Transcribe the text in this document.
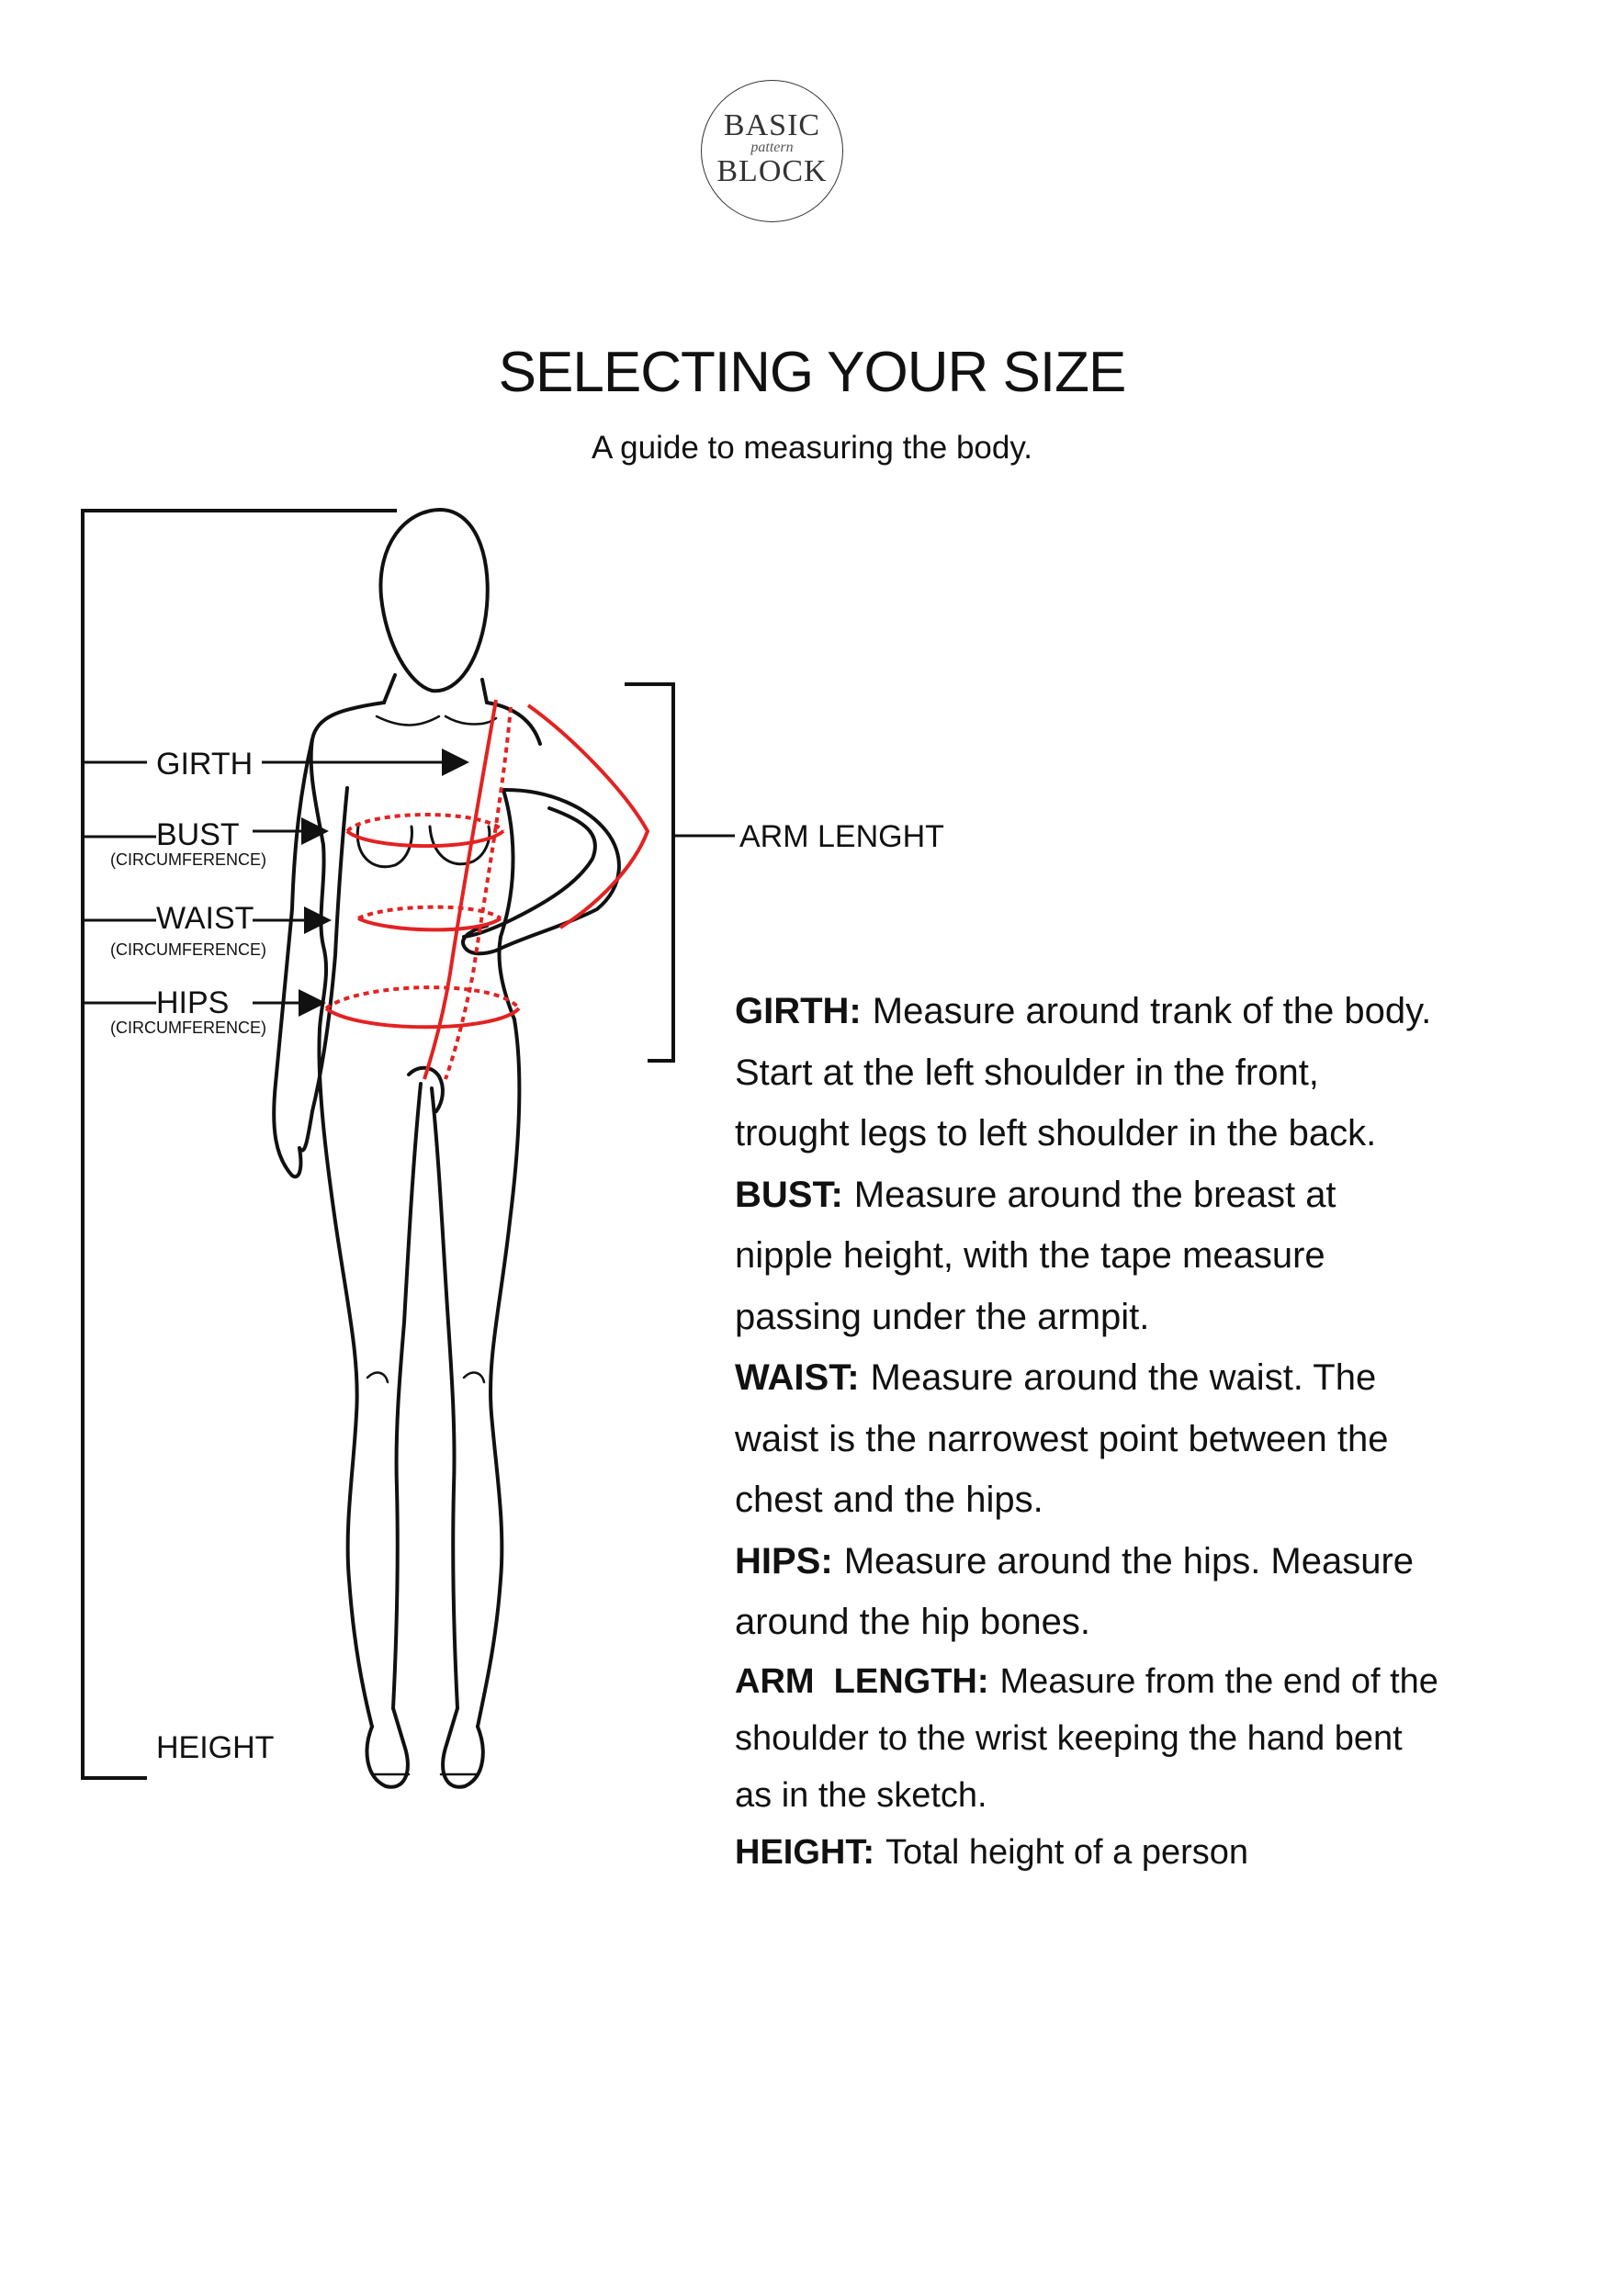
BASIC
pattern
BLOCK
SELECTING YOUR SIZE

A guide to measuring the body.

GIRTH
BUST
(CIRCUMFERENCE)
WAIST
(CIRCUMFERENCE)
HIPS
(CIRCUMFERENCE)
HEIGHT
ARM LENGHT
GIRTH: Measure around trank of the body.
Start at the left shoulder in the front,
trought legs to left shoulder in the back.
BUST: Measure around the breast at
nipple height, with the tape measure
passing under the armpit.
WAIST: Measure around the waist. The
waist is the narrowest point between the
chest and the hips.
HIPS: Measure around the hips. Measure
around the hip bones.
ARM  LENGTH: Measure from the end of the
shoulder to the wrist keeping the hand bent
as in the sketch.
HEIGHT: Total height of a person
